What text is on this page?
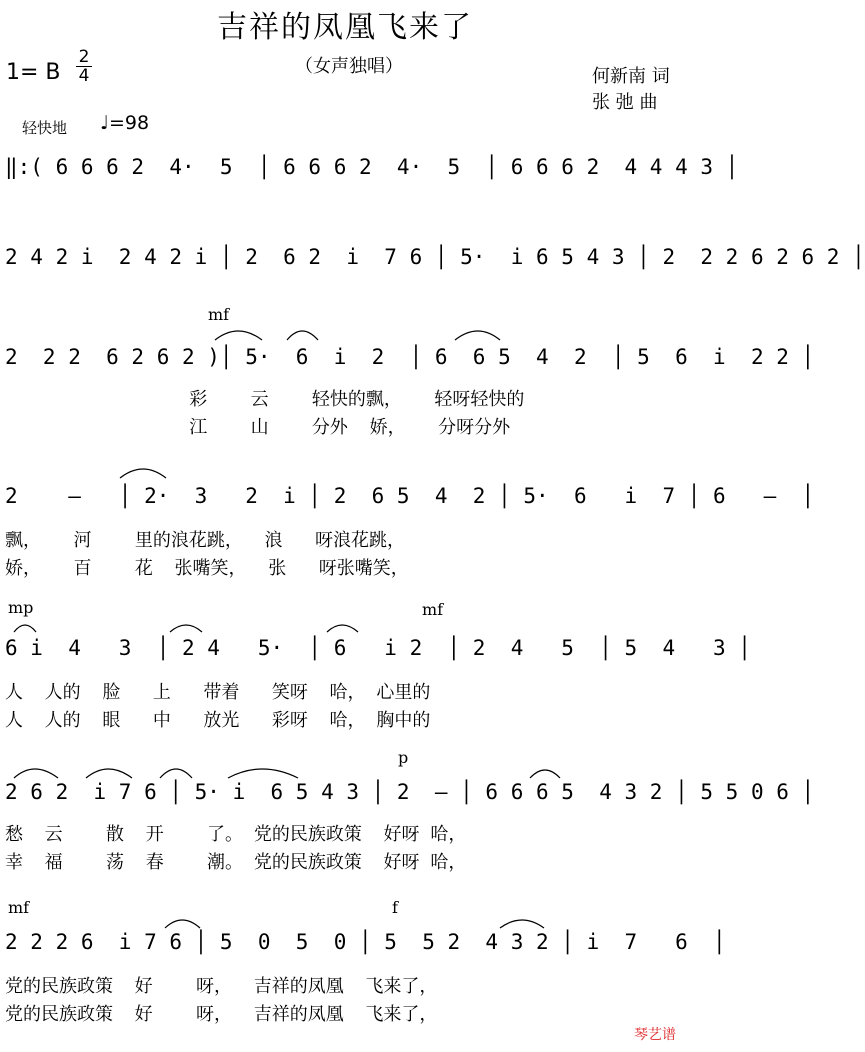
吉祥的凤凰飞来了
（女声独唱）
1= B $\frac{2}{4}$	何新南 词
张 弛 曲
轻快地 ♩=98
‖:( 6 6 6 2  4·  5  │ 6 6 6 2  4·  5  │ 6 6 6 2  4 4 4 3 │
2 4 2 i  2 4 2 i │ 2  6 2  i  7 6 │ 5·  i 6 5 4 3 │ 2  2 2 6 2 6 2 │
2  2 2  6 2 6 2 )│ 5·  6  i  2  │ 6  6 5  4  2  │ 5  6  i  2 2 │
彩    云    轻快的飘，   轻呀轻快的
江    山    分外  娇，   分呀分外
2    —   │ 2·  3   2  i │ 2  6 5  4  2 │ 5·  6   i  7 │ 6   —  │
飘，   河    里的浪花跳，  浪   呀浪花跳，
娇，   百    花  张嘴笑，  张   呀张嘴笑，
6 i  4   3  │ 2 4   5·  │ 6   i 2  │ 2  4   5  │ 5  4   3 │
人  人的  脸   上   带着   笑呀  哈， 心里的
人  人的  眼   中   放光   彩呀  哈， 胸中的
2 6 2  i 7 6 │ 5· i  6 5 4 3 │ 2  — │ 6 6 6 5  4 3 2 │ 5 5 0 6 │
愁  云    散  开    了。 党的民族政策  好呀 哈，
幸  福    荡  春    潮。 党的民族政策  好呀 哈，
2 2 2 6  i 7 6 │ 5  0  5  0 │ 5  5 2  4 3 2 │ i  7   6  │
党的民族政策  好    呀，  吉祥的凤凰  飞来了，
党的民族政策  好    呀，  吉祥的凤凰  飞来了，
mf
mp	mf
p
mf	f
琴艺谱
